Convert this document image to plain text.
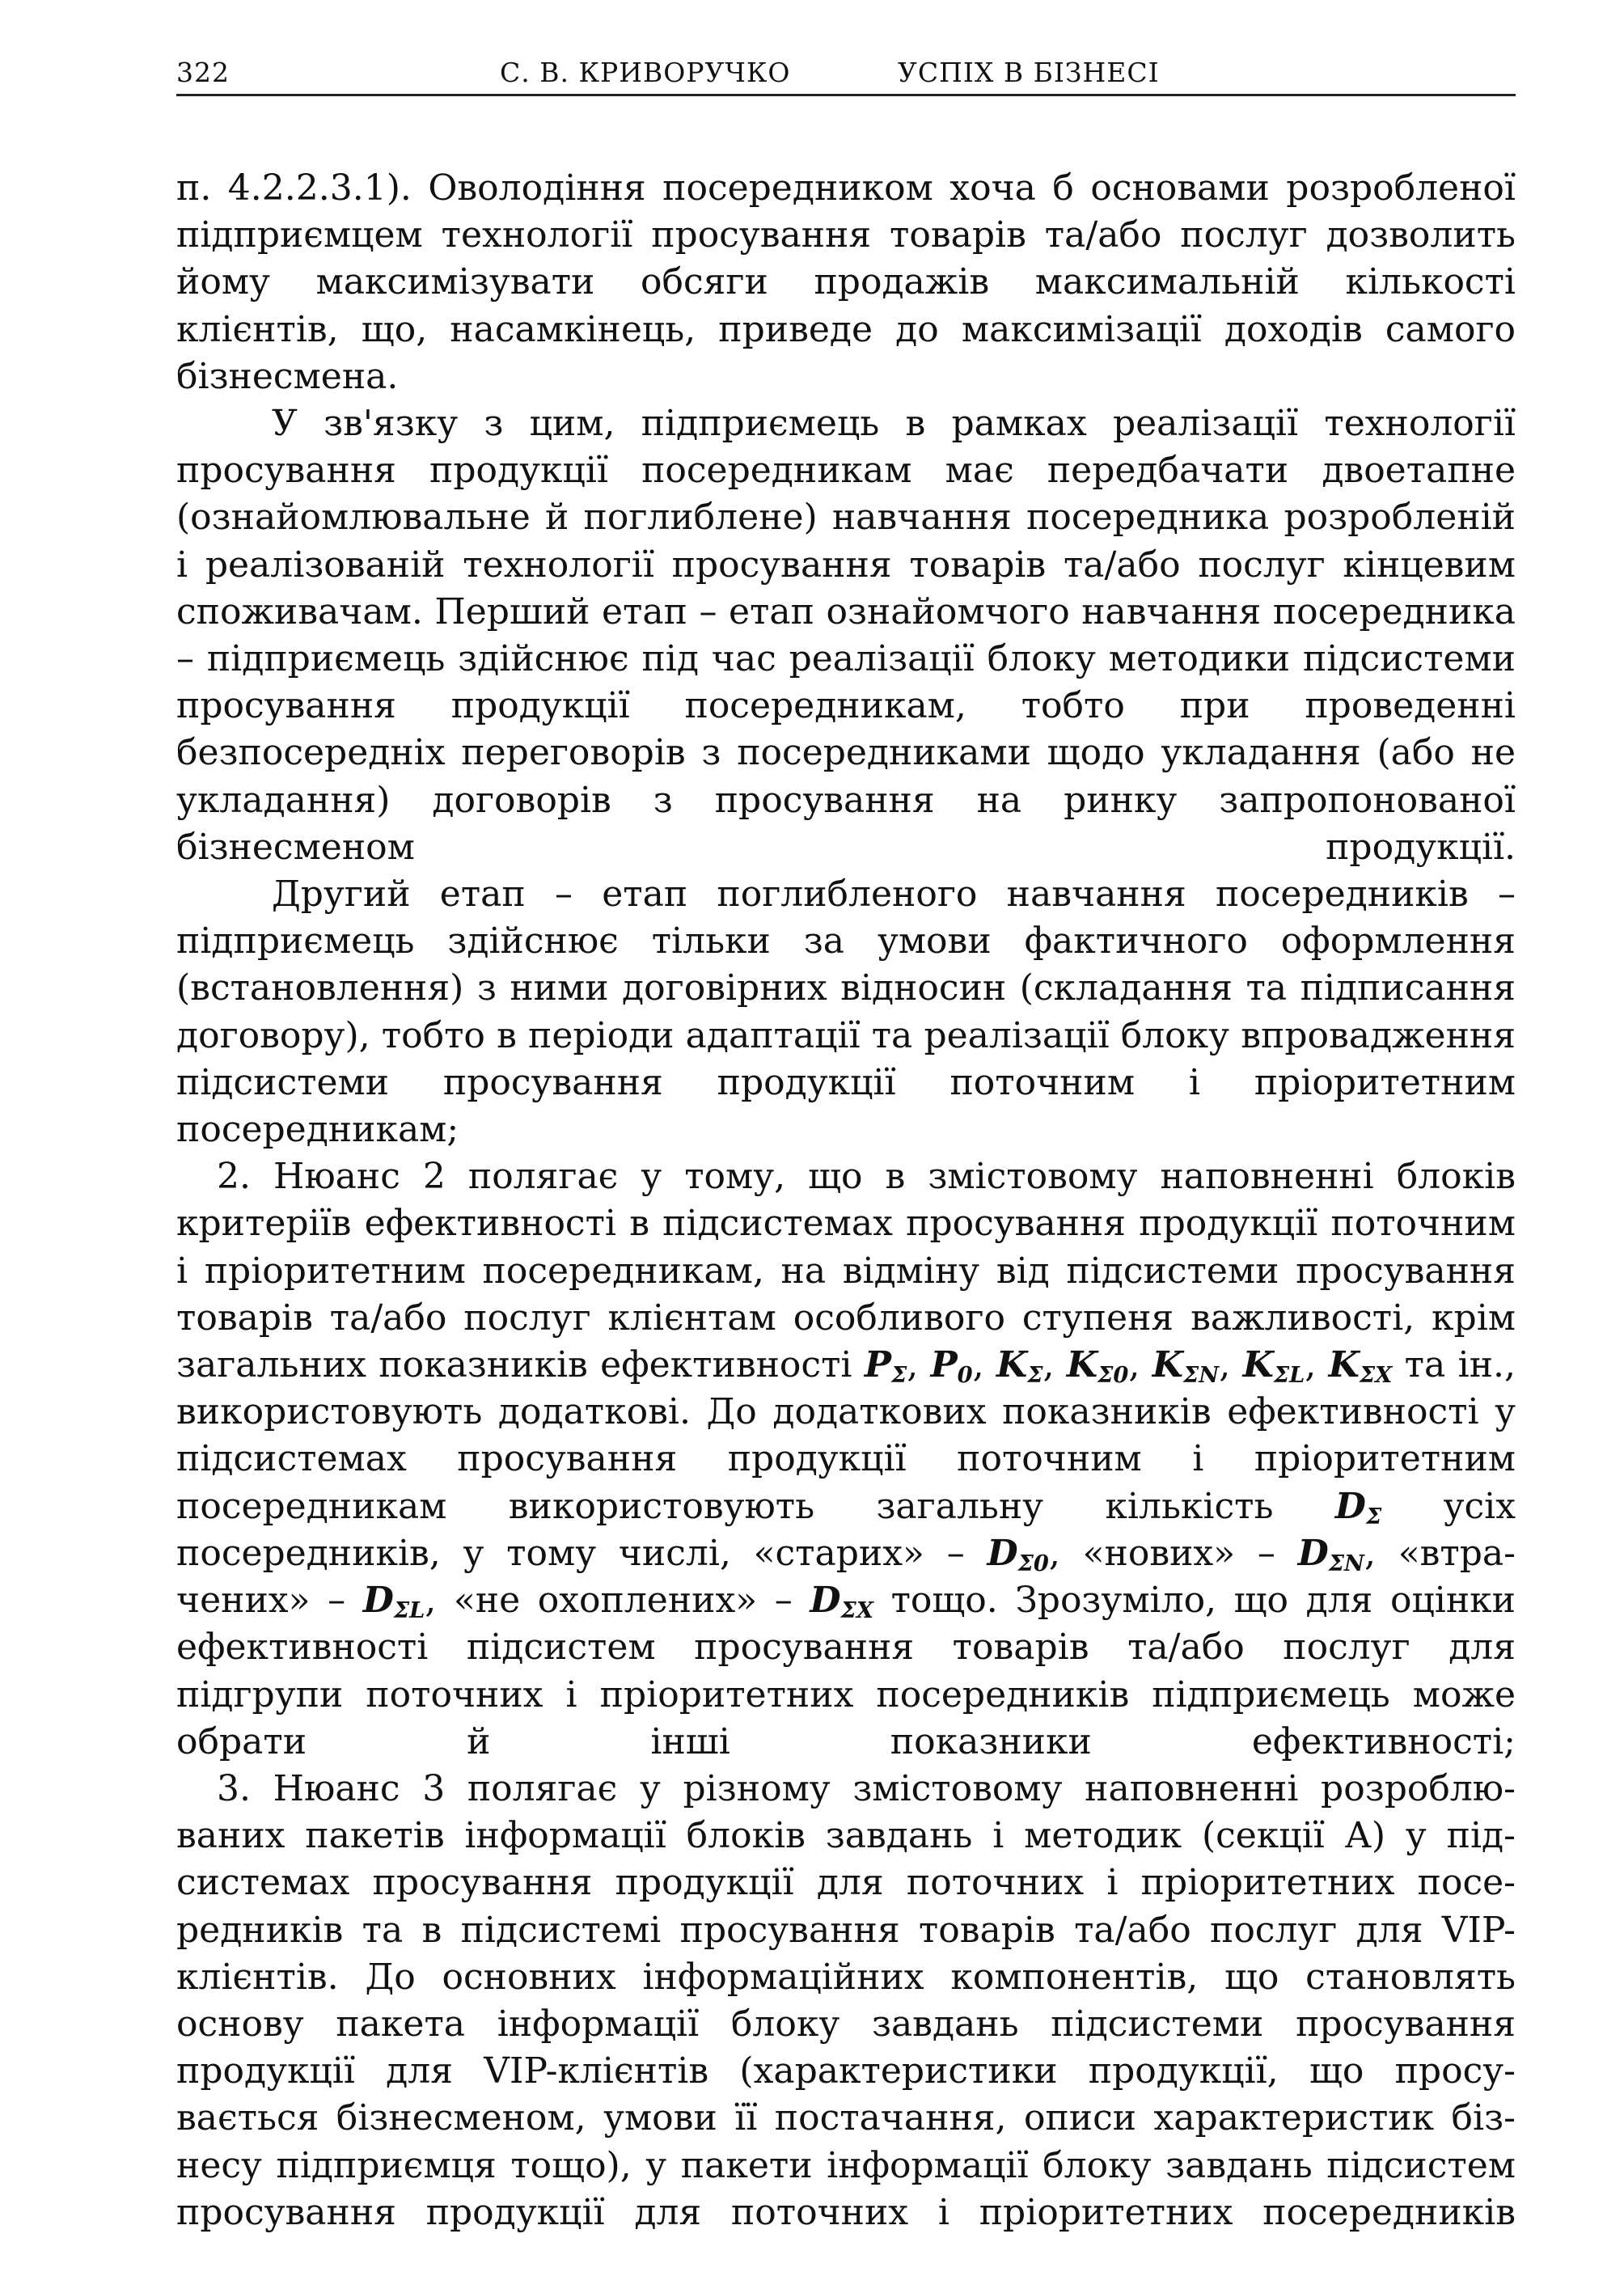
322	С. В. КРИВОРУЧКО	УСПІХ В БІЗНЕСІ

п. 4.2.2.3.1). Оволодіння посередником хоча б основами розробленої підприємцем технології просування товарів та/або послуг дозволить йому максимізувати обсяги продажів максимальній кількості клієнтів, що, насамкінець, приведе до максимізації доходів самого бізнесмена.

У зв'язку з цим, підприємець в рамках реалізації технології просування продукції посередникам має передбачати двоетапне (ознайомлювальне й поглиблене) навчання посередника розробленій і реалізованій технології просування товарів та/або послуг кінцевим споживачам. Перший етап – етап ознайомчого навчання посередника – підприємець здійснює під час реалізації блоку методики підсистеми просування продукції посередникам, тобто при проведенні безпосередніх переговорів з посередниками щодо укладання (або не укладання) договорів з просування на ринку запропонованої бізнесменом продукції.

Другий етап – етап поглибленого навчання посередників – підприємець здійснює тільки за умови фактичного оформлення (встановлення) з ними договірних відносин (складання та підписання договору), тобто в періоди адаптації та реалізації блоку впровадження підсистеми просування продукції поточним і пріоритетним посередникам;

2. Нюанс 2 полягає у тому, що в змістовому наповненні блоків критеріїв ефективності в підсистемах просування продукції поточним і пріоритетним посередникам, на відміну від підсистеми просування товарів та/або послуг клієнтам особливого ступеня важливості, крім загальних показників ефективності $P_\Sigma$, $P_0$, $K_\Sigma$, $K_{\Sigma 0}$, $K_{\Sigma N}$, $K_{\Sigma L}$, $K_{\Sigma X}$ та ін., використовують додаткові. До додаткових показників ефективності у підсистемах просування продукції поточним і пріоритетним посередникам використовують загальну кількість $D_\Sigma$ усіх посередників, у тому числі, «старих» – $D_{\Sigma 0}$, «нових» – $D_{\Sigma N}$, «втрачених» – $D_{\Sigma L}$, «не охоплених» – $D_{\Sigma X}$ тощо. Зрозуміло, що для оцінки ефективності підсистем просування товарів та/або послуг для підгрупи поточних і пріоритетних посередників підприємець може обрати й інші показники ефективності;

3. Нюанс 3 полягає у різному змістовому наповненні розроблюваних пакетів інформації блоків завдань і методик (секції А) у підсистемах просування продукції для поточних і пріоритетних посередників та в підсистемі просування товарів та/або послуг для VIP-клієнтів. До основних інформаційних компонентів, що становлять основу пакета інформації блоку завдань підсистеми просування продукції для VIP-клієнтів (характеристики продукції, що просувається бізнесменом, умови її постачання, описи характеристик бізнесу підприємця тощо), у пакети інформації блоку завдань підсистем просування продукції для поточних і пріоритетних посередників
